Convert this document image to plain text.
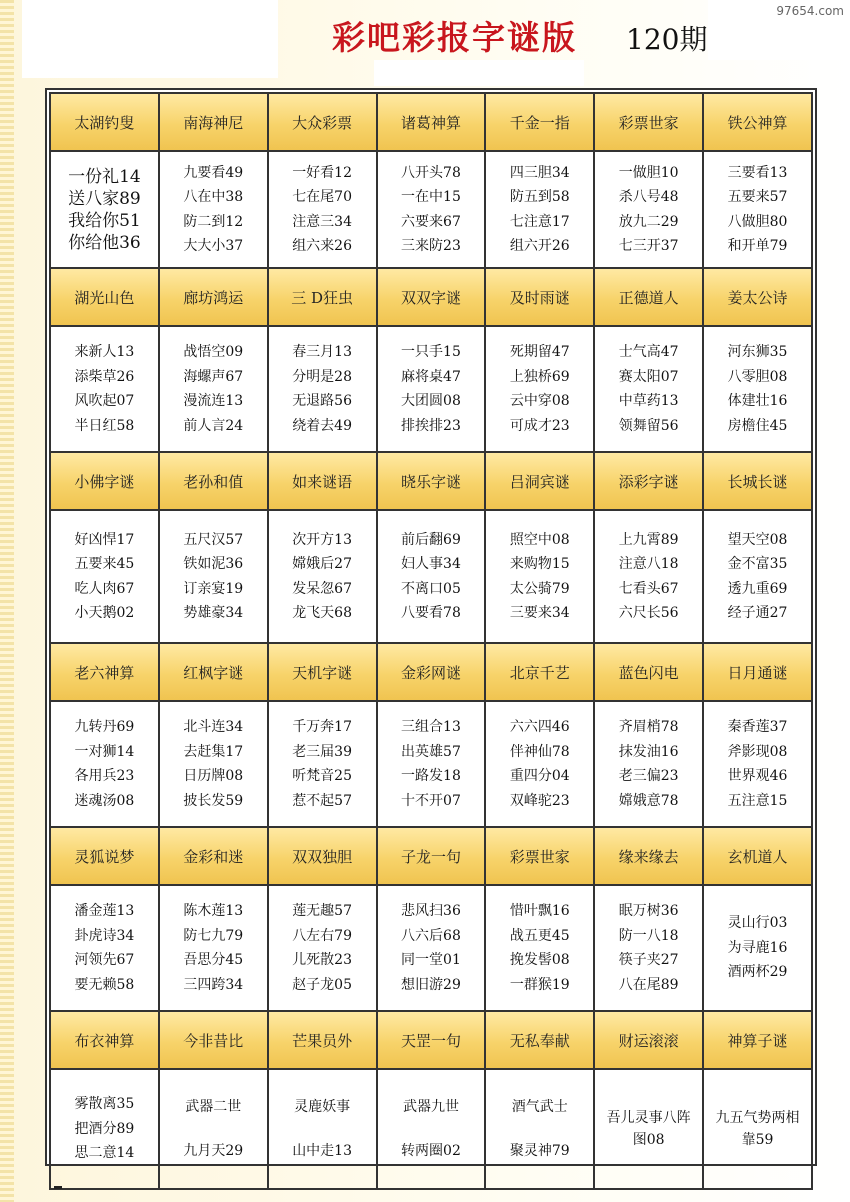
彩吧彩报字谜版 120期
97654.com
太湖钓叟	南海神尼	大众彩票	诸葛神算	千金一指	彩票世家	铁公神算

一份礼14
送八家89
我给你51
你给他36	九要看49
八在中38
防二到12
大大小37	一好看12
七在尾70
注意三34
组六来26	八开头78
一在中15
六要来67
三来防23	四三胆34
防五到58
七注意17
组六开26	一做胆10
杀八号48
放九二29
七三开37	三要看13
五要来57
八做胆80
和开单79

湖光山色	廊坊鸿运	三 D狂虫	双双字谜	及时雨谜	正德道人	姜太公诗

来新人13
添柴草26
风吹起07
半日红58	战悟空09
海螺声67
漫流连13
前人言24	春三月13
分明是28
无退路56
绕着去49	一只手15
麻将桌47
大团圆08
排挨排23	死期留47
上独桥69
云中穿08
可成才23	士气高47
赛太阳07
中草药13
领舞留56	河东狮35
八零胆08
体建壮16
房檐住45

小佛字谜	老孙和值	如来谜语	晓乐字谜	吕洞宾谜	添彩字谜	长城长谜

好凶悍17
五要来45
吃人肉67
小天鹅02	五尺汉57
铁如泥36
订亲宴19
势雄豪34	次开方13
嫦娥后27
发呆忽67
龙飞天68	前后翻69
妇人事34
不离口05
八要看78	照空中08
来购物15
太公骑79
三要来34	上九霄89
注意八18
七看头67
六尺长56	望天空08
金不富35
透九重69
经子通27

老六神算	红枫字谜	天机字谜	金彩网谜	北京千艺	蓝色闪电	日月通谜

九转丹69
一对狮14
各用兵23
迷魂汤08	北斗连34
去赶集17
日历牌08
披长发59	千万奔17
老三届39
听梵音25
惹不起57	三组合13
出英雄57
一路发18
十不开07	六六四46
伴神仙78
重四分04
双峰驼23	齐眉梢78
抹发油16
老三偏23
嫦娥意78	秦香莲37
斧影现08
世界观46
五注意15

灵狐说梦	金彩和迷	双双独胆	子龙一句	彩票世家	缘来缘去	玄机道人

潘金莲13
卦虎诗34
河领先67
要无赖58	陈木莲13
防七九79
吾思分45
三四跨34	莲无趣57
八左右79
儿死散23
赵子龙05	悲风扫36
八六后68
同一堂01
想旧游29	惜叶飘16
战五更45
挽发髻08
一群猴19	眠万树36
防一八18
筷子夹27
八在尾89	灵山行03
为寻鹿16
酒两杯29

布衣神算	今非昔比	芒果员外	天罡一句	无私奉献	财运滚滚	神算子谜

雾散离35
把酒分89
思二意14	武器二世
九月天29	灵鹿妖事
山中走13	武器九世
转两圈02	酒气武士
聚灵神79	吾儿灵事八阵图08	九五气势两相靠59
